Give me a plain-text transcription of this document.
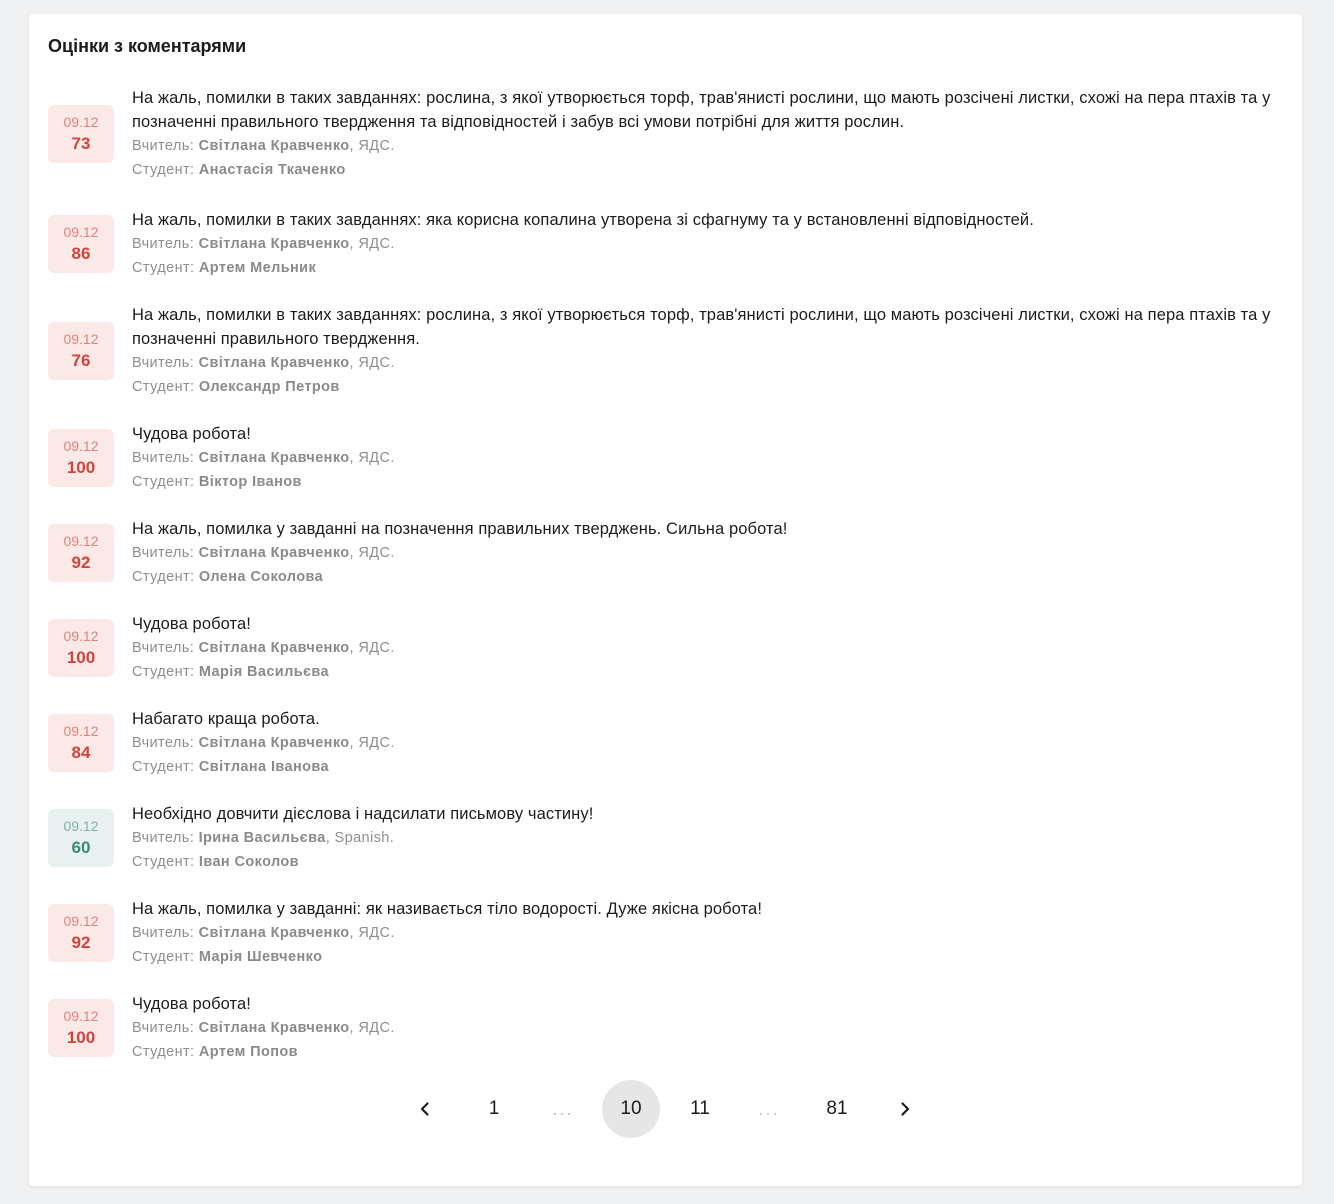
Оцінки з коментарями
09.12
73
На жаль, помилки в таких завданнях: рослина, з якої утворюється торф, трав'янисті рослини, що мають розсічені листки, схожі на пера птахів та у позначенні правильного твердження та відповідностей і забув всі умови потрібні для життя рослин.
Вчитель: Світлана Кравченко, ЯДС.
Студент: Анастасія Ткаченко
09.12
86
На жаль, помилки в таких завданнях: яка корисна копалина утворена зі сфагнуму та у встановленні відповідностей.
Вчитель: Світлана Кравченко, ЯДС.
Студент: Артем Мельник
09.12
76
На жаль, помилки в таких завданнях: рослина, з якої утворюється торф, трав'янисті рослини, що мають розсічені листки, схожі на пера птахів та у позначенні правильного твердження.
Вчитель: Світлана Кравченко, ЯДС.
Студент: Олександр Петров
09.12
100
Чудова робота!
Вчитель: Світлана Кравченко, ЯДС.
Студент: Віктор Іванов
09.12
92
На жаль, помилка у завданні на позначення правильних тверджень. Сильна робота!
Вчитель: Світлана Кравченко, ЯДС.
Студент: Олена Соколова
09.12
100
Чудова робота!
Вчитель: Світлана Кравченко, ЯДС.
Студент: Марія Васильєва
09.12
84
Набагато краща робота.
Вчитель: Світлана Кравченко, ЯДС.
Студент: Світлана Іванова
09.12
60
Необхідно довчити дієслова і надсилати письмову частину!
Вчитель: Ірина Васильєва, Spanish.
Студент: Іван Соколов
09.12
92
На жаль, помилка у завданні: як називається тіло водорості. Дуже якісна робота!
Вчитель: Світлана Кравченко, ЯДС.
Студент: Марія Шевченко
09.12
100
Чудова робота!
Вчитель: Світлана Кравченко, ЯДС.
Студент: Артем Попов
1	...	10	11	...	81
